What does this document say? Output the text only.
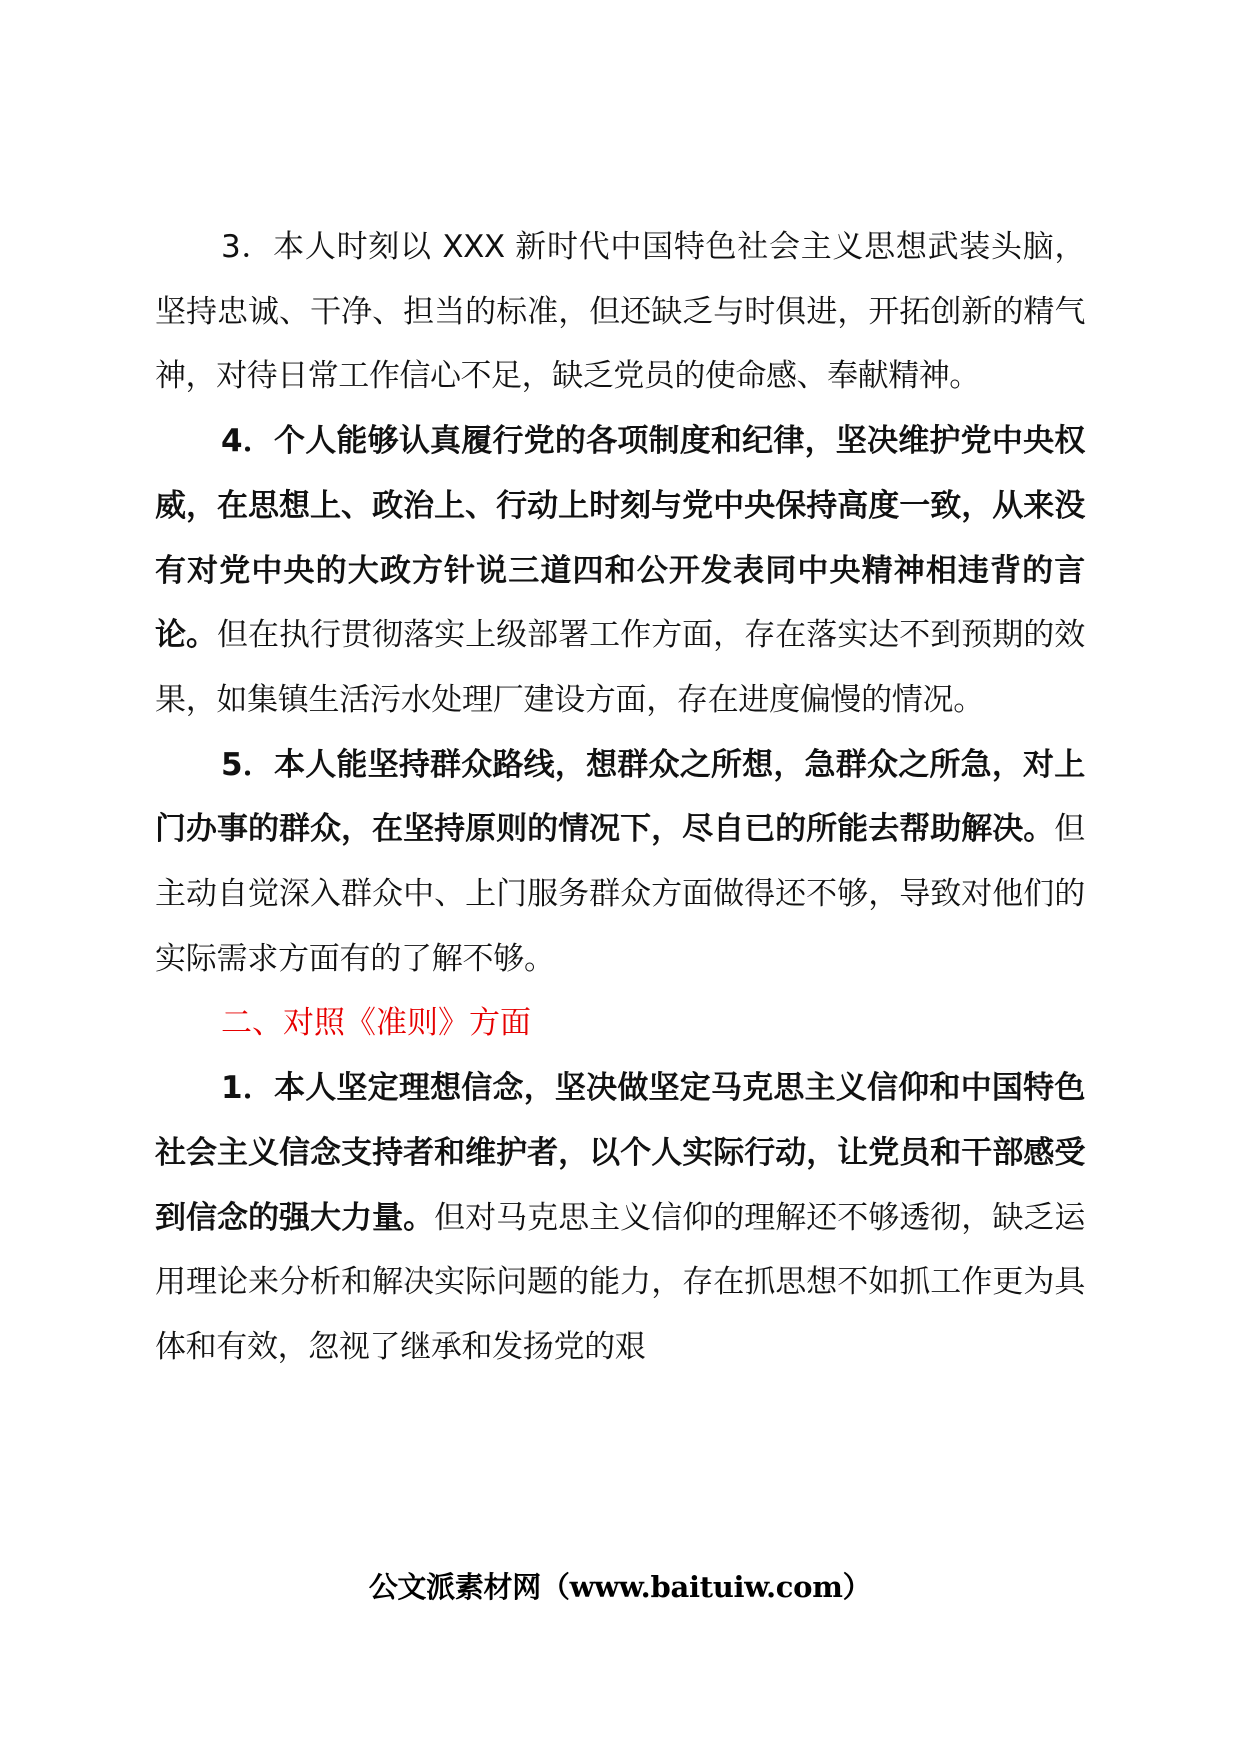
3．本人时刻以 XXX 新时代中国特色社会主义思想武装头脑，坚持忠诚、干净、担当的标准，但还缺乏与时俱进，开拓创新的精气神，对待日常工作信心不足，缺乏党员的使命感、奉献精神。

4．个人能够认真履行党的各项制度和纪律，坚决维护党中央权威，在思想上、政治上、行动上时刻与党中央保持高度一致，从来没有对党中央的大政方针说三道四和公开发表同中央精神相违背的言论。但在执行贯彻落实上级部署工作方面，存在落实达不到预期的效果，如集镇生活污水处理厂建设方面，存在进度偏慢的情况。

5．本人能坚持群众路线，想群众之所想，急群众之所急，对上门办事的群众，在坚持原则的情况下，尽自已的所能去帮助解决。但主动自觉深入群众中、上门服务群众方面做得还不够，导致对他们的实际需求方面有的了解不够。

二、对照《准则》方面

1．本人坚定理想信念，坚决做坚定马克思主义信仰和中国特色社会主义信念支持者和维护者，以个人实际行动，让党员和干部感受到信念的强大力量。但对马克思主义信仰的理解还不够透彻，缺乏运用理论来分析和解决实际问题的能力，存在抓思想不如抓工作更为具体和有效，忽视了继承和发扬党的艰

公文派素材网（www.baituiw.com）
